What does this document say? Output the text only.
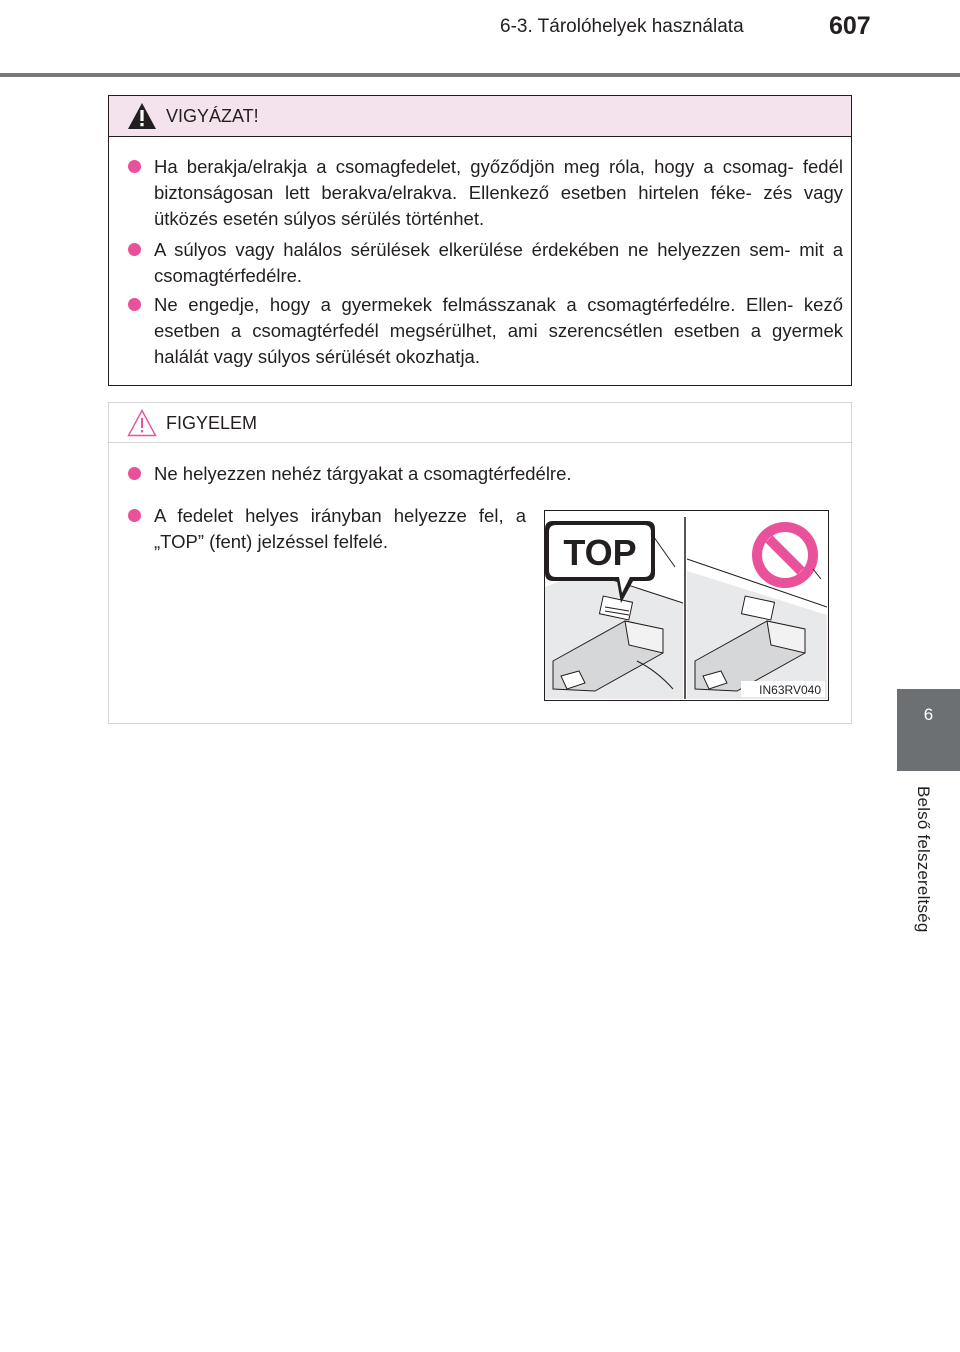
6-3. Tárolóhelyek használata	607
6
Belső felszereltség
VIGYÁZAT!
Ha berakja/elrakja a csomagfedelet, győződjön meg róla, hogy a csomag- fedél biztonságosan lett berakva/elrakva. Ellenkező esetben hirtelen féke- zés vagy ütközés esetén súlyos sérülés történhet.
A súlyos vagy halálos sérülések elkerülése érdekében ne helyezzen sem- mit a csomagtérfedélre.
Ne engedje, hogy a gyermekek felmásszanak a csomagtérfedélre. Ellen- kező esetben a csomagtérfedél megsérülhet, ami szerencsétlen esetben a gyermek halálát vagy súlyos sérülését okozhatja.
FIGYELEM
Ne helyezzen nehéz tárgyakat a csomagtérfedélre.
A fedelet helyes irányban helyezze fel, a „TOP” (fent) jelzéssel felfelé.	TOP
IN63RV040
